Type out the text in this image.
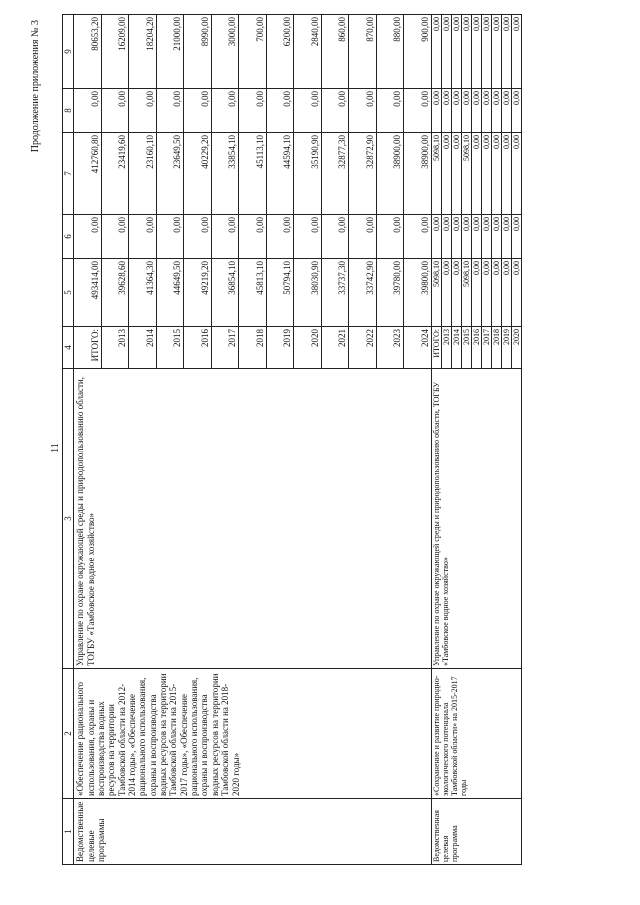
11
Продолжение приложения № 3
1	2	3	4	5	6	7	8	9
Ведомственные целевые программы	«Обеспечение рационального использования, охраны и воспроизводства водных ресурсов на территории Тамбовской области на 2012-2014 годы», «Обеспечение рационального использования, охраны и воспроизводства водных ресурсов на территории Тамбовской области на 2015-2017 годы», «Обеспечение рационального использования, охраны и воспроизводства водных ресурсов на территории Тамбовской области на 2018-2020 годы»	Управление по охране окружающей среды и природопользованию области, ТОГБУ «Тамбовское водное хозяйство»	ИТОГО:	493414,00	0,00	412760,80	0,00	80653,20
			2013	39628,60	0,00	23419,60	0,00	16209,00
			2014	41364,30	0,00	23160,10	0,00	18204,20
			2015	44649,50	0,00	23649,50	0,00	21000,00
			2016	49219,20	0,00	40229,20	0,00	8990,00
			2017	36854,10	0,00	33854,10	0,00	3000,00
			2018	45813,10	0,00	45113,10	0,00	700,00
			2019	50794,10	0,00	44594,10	0,00	6200,00
			2020	38030,90	0,00	35190,90	0,00	2840,00
			2021	33737,30	0,00	32877,30	0,00	860,00
			2022	33742,90	0,00	32872,90	0,00	870,00
			2023	39780,00	0,00	38900,00	0,00	880,00
			2024	39800,00	0,00	38900,00	0,00	900,00
Ведомственная целевая программа	«Сохранение и развитие природно-экологического потенциала Тамбовской области» на 2015-2017 годы	Управление по охране окружающей среды и природопользованию области, ТОГБУ «Тамбовское водное хозяйство»	ИТОГО:	5098,10	0,00	5098,10	0,00	0,00
			2013	0,00	0,00	0,00	0,00	0,00
			2014	0,00	0,00	0,00	0,00	0,00
			2015	5098,10	0,00	5098,10	0,00	0,00
			2016	0,00	0,00	0,00	0,00	0,00
			2017	0,00	0,00	0,00	0,00	0,00
			2018	0,00	0,00	0,00	0,00	0,00
			2019	0,00	0,00	0,00	0,00	0,00
			2020	0,00	0,00	0,00	0,00	0,00
